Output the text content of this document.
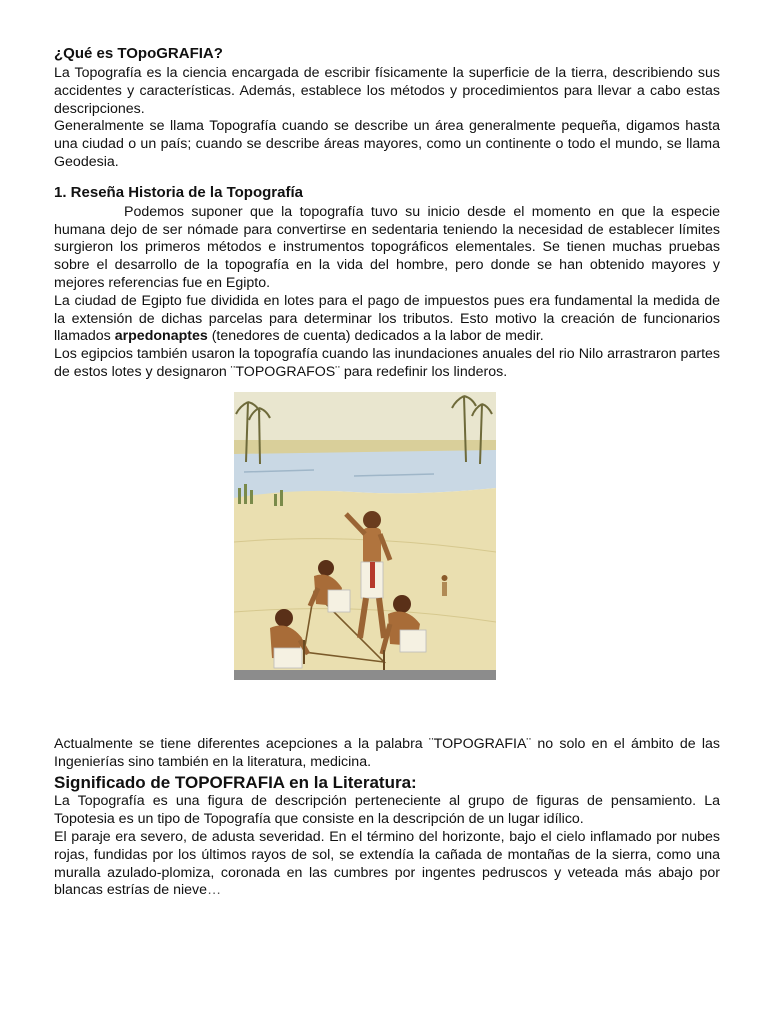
¿Qué es TOpoGRAFIA?

La Topografía es la ciencia encargada de escribir físicamente la superficie de la tierra, describiendo sus accidentes y características. Además, establece los métodos y procedimientos para llevar a cabo estas descripciones.

Generalmente se llama Topografía cuando se describe un área generalmente pequeña, digamos hasta una ciudad o un país; cuando se describe áreas mayores, como un continente o todo el mundo, se llama Geodesia.

1. Reseña Historia de la Topografía

Podemos suponer que la topografía tuvo su inicio desde el momento en que la especie humana dejo de ser nómade para convertirse en sedentaria teniendo la necesidad de establecer límites surgieron los primeros métodos e instrumentos topográficos elementales. Se tienen muchas pruebas sobre el desarrollo de la topografía en la vida del hombre, pero donde se han obtenido mayores y mejores referencias fue en Egipto.

La ciudad de Egipto fue dividida en lotes para el pago de impuestos pues era fundamental la medida de la extensión de dichas parcelas para determinar los tributos. Esto motivo la creación de funcionarios llamados arpedonaptes (tenedores de cuenta) dedicados a la labor de medir.

Los egipcios también usaron la topografía cuando las inundaciones anuales del rio Nilo arrastraron partes de estos lotes y designaron ¨TOPOGRAFOS¨ para redefinir los linderos.

Actualmente se tiene diferentes acepciones a la palabra ¨TOPOGRAFIA¨ no solo en el ámbito de las Ingenierías sino también en la literatura, medicina.

Significado de TOPOFRAFIA en la Literatura:

La Topografía es una figura de descripción perteneciente al grupo de figuras de pensamiento. La Topotesia es un tipo de Topografía que consiste en la descripción de un lugar idílico.

El paraje era severo, de adusta severidad. En el término del horizonte, bajo el cielo inflamado por nubes rojas, fundidas por los últimos rayos de sol, se extendía la cañada de montañas de la sierra, como una muralla azulado-plomiza, coronada en las cumbres por ingentes pedruscos y veteada más abajo por blancas estrías de nieve…
